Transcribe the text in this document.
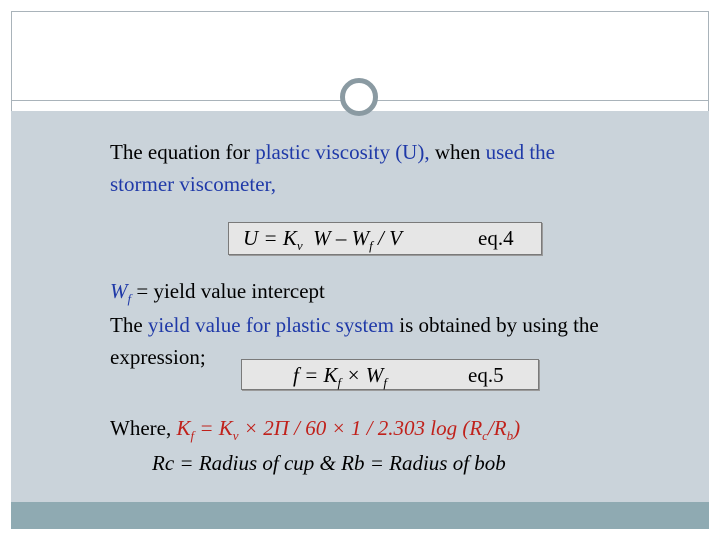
The equation for plastic viscosity (U), when used the
stormer viscometer,
$U = K_v$ W – $W_f$ / V	eq.4
$W_f$ = yield value intercept
The yield value for plastic system is obtained by using the
expression;
$f = K_f \times W_f$	eq.5
Where, $K_f = K_v \times 2\Pi / 60 \times 1 / 2.303$ $\log (R_c/R_b)$
Rc = Radius of cup & Rb = Radius of bob
